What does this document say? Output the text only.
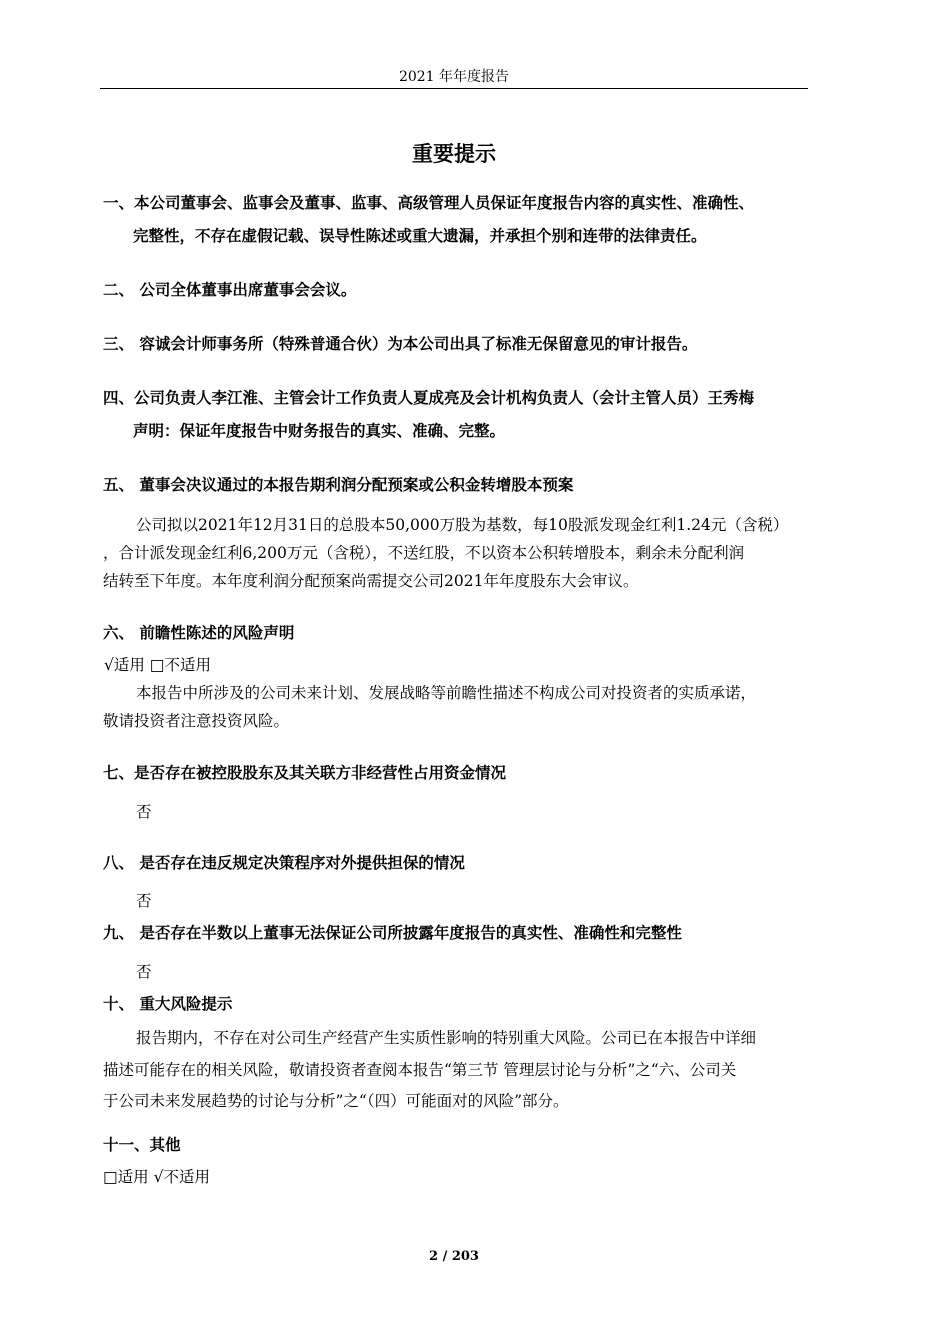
2021 年年度报告
重要提示
一、本公司董事会、监事会及董事、监事、高级管理人员保证年度报告内容的真实性、准确性、
完整性，不存在虚假记载、误导性陈述或重大遗漏，并承担个别和连带的法律责任。
二、 公司全体董事出席董事会会议。
三、 容诚会计师事务所（特殊普通合伙）为本公司出具了标准无保留意见的审计报告。
四、公司负责人李江淮、主管会计工作负责人夏成亮及会计机构负责人（会计主管人员）王秀梅
声明：保证年度报告中财务报告的真实、准确、完整。
五、 董事会决议通过的本报告期利润分配预案或公积金转增股本预案
公司拟以2021年12月31日的总股本50,000万股为基数，每10股派发现金红利1.24元（含税）
，合计派发现金红利6,200万元（含税），不送红股，不以资本公积转增股本，剩余未分配利润
结转至下年度。本年度利润分配预案尚需提交公司2021年年度股东大会审议。
六、 前瞻性陈述的风险声明
√适用 □不适用
本报告中所涉及的公司未来计划、发展战略等前瞻性描述不构成公司对投资者的实质承诺，
敬请投资者注意投资风险。
七、是否存在被控股股东及其关联方非经营性占用资金情况
否
八、 是否存在违反规定决策程序对外提供担保的情况
否
九、 是否存在半数以上董事无法保证公司所披露年度报告的真实性、准确性和完整性
否
十、 重大风险提示
报告期内，不存在对公司生产经营产生实质性影响的特别重大风险。公司已在本报告中详细
描述可能存在的相关风险，敬请投资者查阅本报告“第三节 管理层讨论与分析”之“六、公司关
于公司未来发展趋势的讨论与分析”之“（四）可能面对的风险”部分。
十一、其他
□适用 √不适用
2 / 203
